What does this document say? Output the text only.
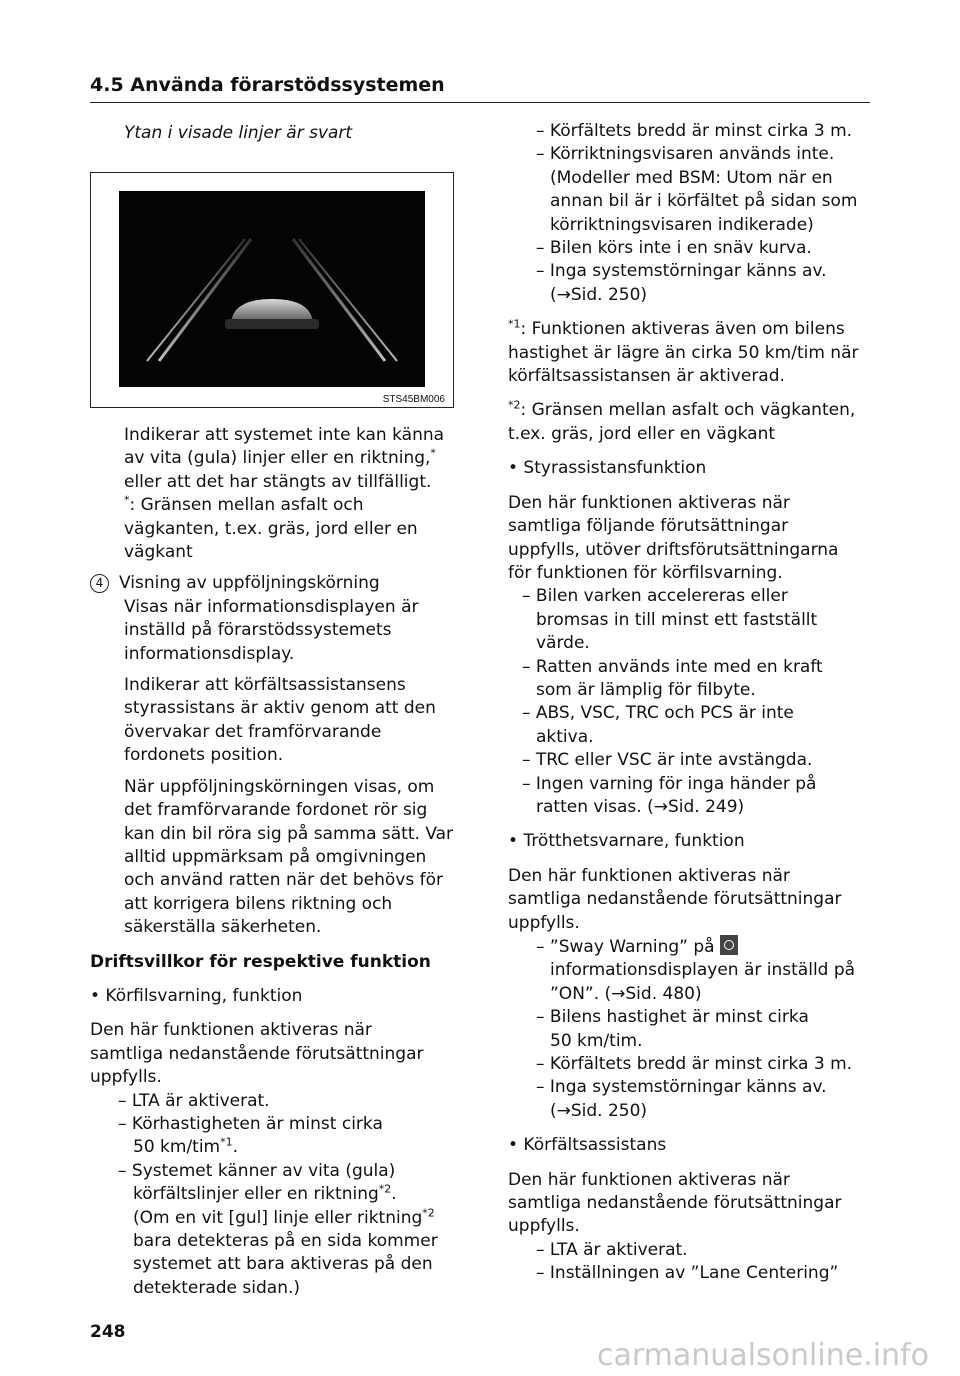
4.5 Använda förarstödssystemen
Ytan i visade linjer är svart
STS45BM006

Indikerar att systemet inte kan känna

av vita (gula) linjer eller en riktning,*

eller att det har stängts av tillfälligt.

*: Gränsen mellan asfalt och

vägkanten, t.ex. gräs, jord eller en

vägkant

4 Visning av uppföljningskörning

Visas när informationsdisplayen är

inställd på förarstödssystemets

informationsdisplay.

Indikerar att körfältsassistansens

styrassistans är aktiv genom att den

övervakar det framförvarande

fordonets position.

När uppföljningskörningen visas, om

det framförvarande fordonet rör sig

kan din bil röra sig på samma sätt. Var

alltid uppmärksam på omgivningen

och använd ratten när det behövs för

att korrigera bilens riktning och

säkerställa säkerheten.

Driftsvillkor för respektive funktion

• Körfilsvarning, funktion

Den här funktionen aktiveras när

samtliga nedanstående förutsättningar

uppfylls.

– LTA är aktiverat.

– Körhastigheten är minst cirka

50 km/tim$^{*1}$.

– Systemet känner av vita (gula)

körfältslinjer eller en riktning$^{*2}$.

(Om en vit [gul] linje eller riktning$^{*2}$

bara detekteras på en sida kommer

systemet att bara aktiveras på den

detekterade sidan.)

– Körfältets bredd är minst cirka 3 m.

– Körriktningsvisaren används inte.

(Modeller med BSM: Utom när en

annan bil är i körfältet på sidan som

körriktningsvisaren indikerade)

– Bilen körs inte i en snäv kurva.

– Inga systemstörningar känns av.

(→Sid. 250)

$^{*1}$: Funktionen aktiveras även om bilens

hastighet är lägre än cirka 50 km/tim när

körfältsassistansen är aktiverad.

$^{*2}$: Gränsen mellan asfalt och vägkanten,

t.ex. gräs, jord eller en vägkant

• Styrassistansfunktion

Den här funktionen aktiveras när

samtliga följande förutsättningar

uppfylls, utöver driftsförutsättningarna

för funktionen för körfilsvarning.

– Bilen varken accelereras eller

bromsas in till minst ett fastställt

värde.

– Ratten används inte med en kraft

som är lämplig för filbyte.

– ABS, VSC, TRC och PCS är inte

aktiva.

– TRC eller VSC är inte avstängda.

– Ingen varning för inga händer på

ratten visas. (→Sid. 249)

• Trötthetsvarnare, funktion

Den här funktionen aktiveras när

samtliga nedanstående förutsättningar

uppfylls.

– ”Sway Warning” på

informationsdisplayen är inställd på

”ON”. (→Sid. 480)

– Bilens hastighet är minst cirka

50 km/tim.

– Körfältets bredd är minst cirka 3 m.

– Inga systemstörningar känns av.

(→Sid. 250)

• Körfältsassistans

Den här funktionen aktiveras när

samtliga nedanstående förutsättningar

uppfylls.

– LTA är aktiverat.

– Inställningen av ”Lane Centering”

248
carmanualsonline.info
